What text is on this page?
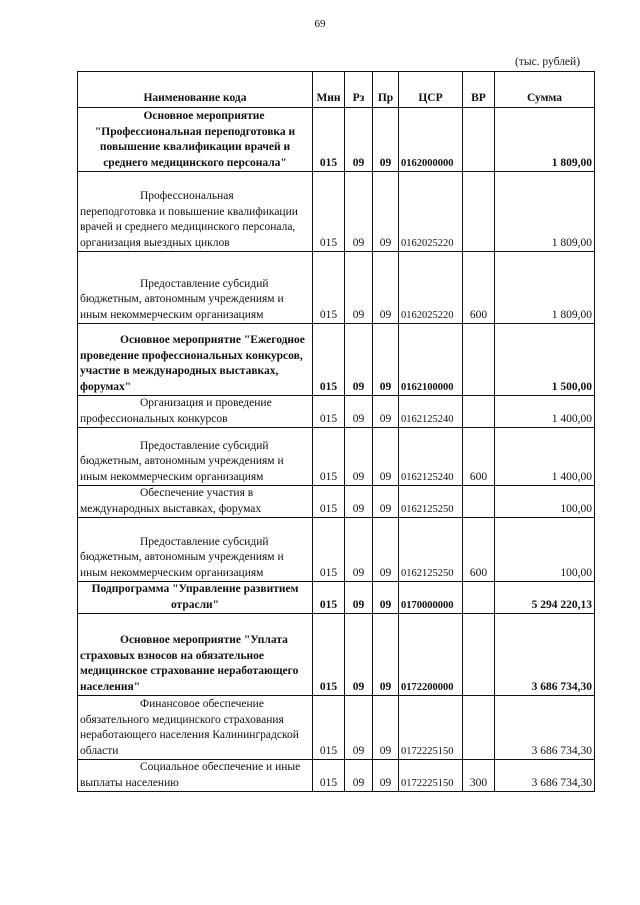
69
(тыс. рублей)
Наименование кода	Мин	Рз	Пр	ЦСР	ВР	Сумма
Основное мероприятие "Профессиональная переподготовка и повышение квалификации врачей и среднего медицинского персонала"	015	09	09	0162000000		1 809,00
Профессиональная переподготовка и повышение квалификации врачей и среднего медицинского персонала, организация выездных циклов	015	09	09	0162025220		1 809,00
Предоставление субсидий бюджетным, автономным учреждениям и иным некоммерческим организациям	015	09	09	0162025220	600	1 809,00
Основное мероприятие "Ежегодное проведение профессиональных конкурсов, участие в международных выставках, форумах"	015	09	09	0162100000		1 500,00
Организация и проведение профессиональных конкурсов	015	09	09	0162125240		1 400,00
Предоставление субсидий бюджетным, автономным учреждениям и иным некоммерческим организациям	015	09	09	0162125240	600	1 400,00
Обеспечение участия в международных выставках, форумах	015	09	09	0162125250		100,00
Предоставление субсидий бюджетным, автономным учреждениям и иным некоммерческим организациям	015	09	09	0162125250	600	100,00
Подпрограмма "Управление развитием отрасли"	015	09	09	0170000000		5 294 220,13
Основное мероприятие "Уплата страховых взносов на обязательное медицинское страхование неработающего населения"	015	09	09	0172200000		3 686 734,30
Финансовое обеспечение обязательного медицинского страхования неработающего населения Калининградской области	015	09	09	0172225150		3 686 734,30
Социальное обеспечение и иные выплаты населению	015	09	09	0172225150	300	3 686 734,30
